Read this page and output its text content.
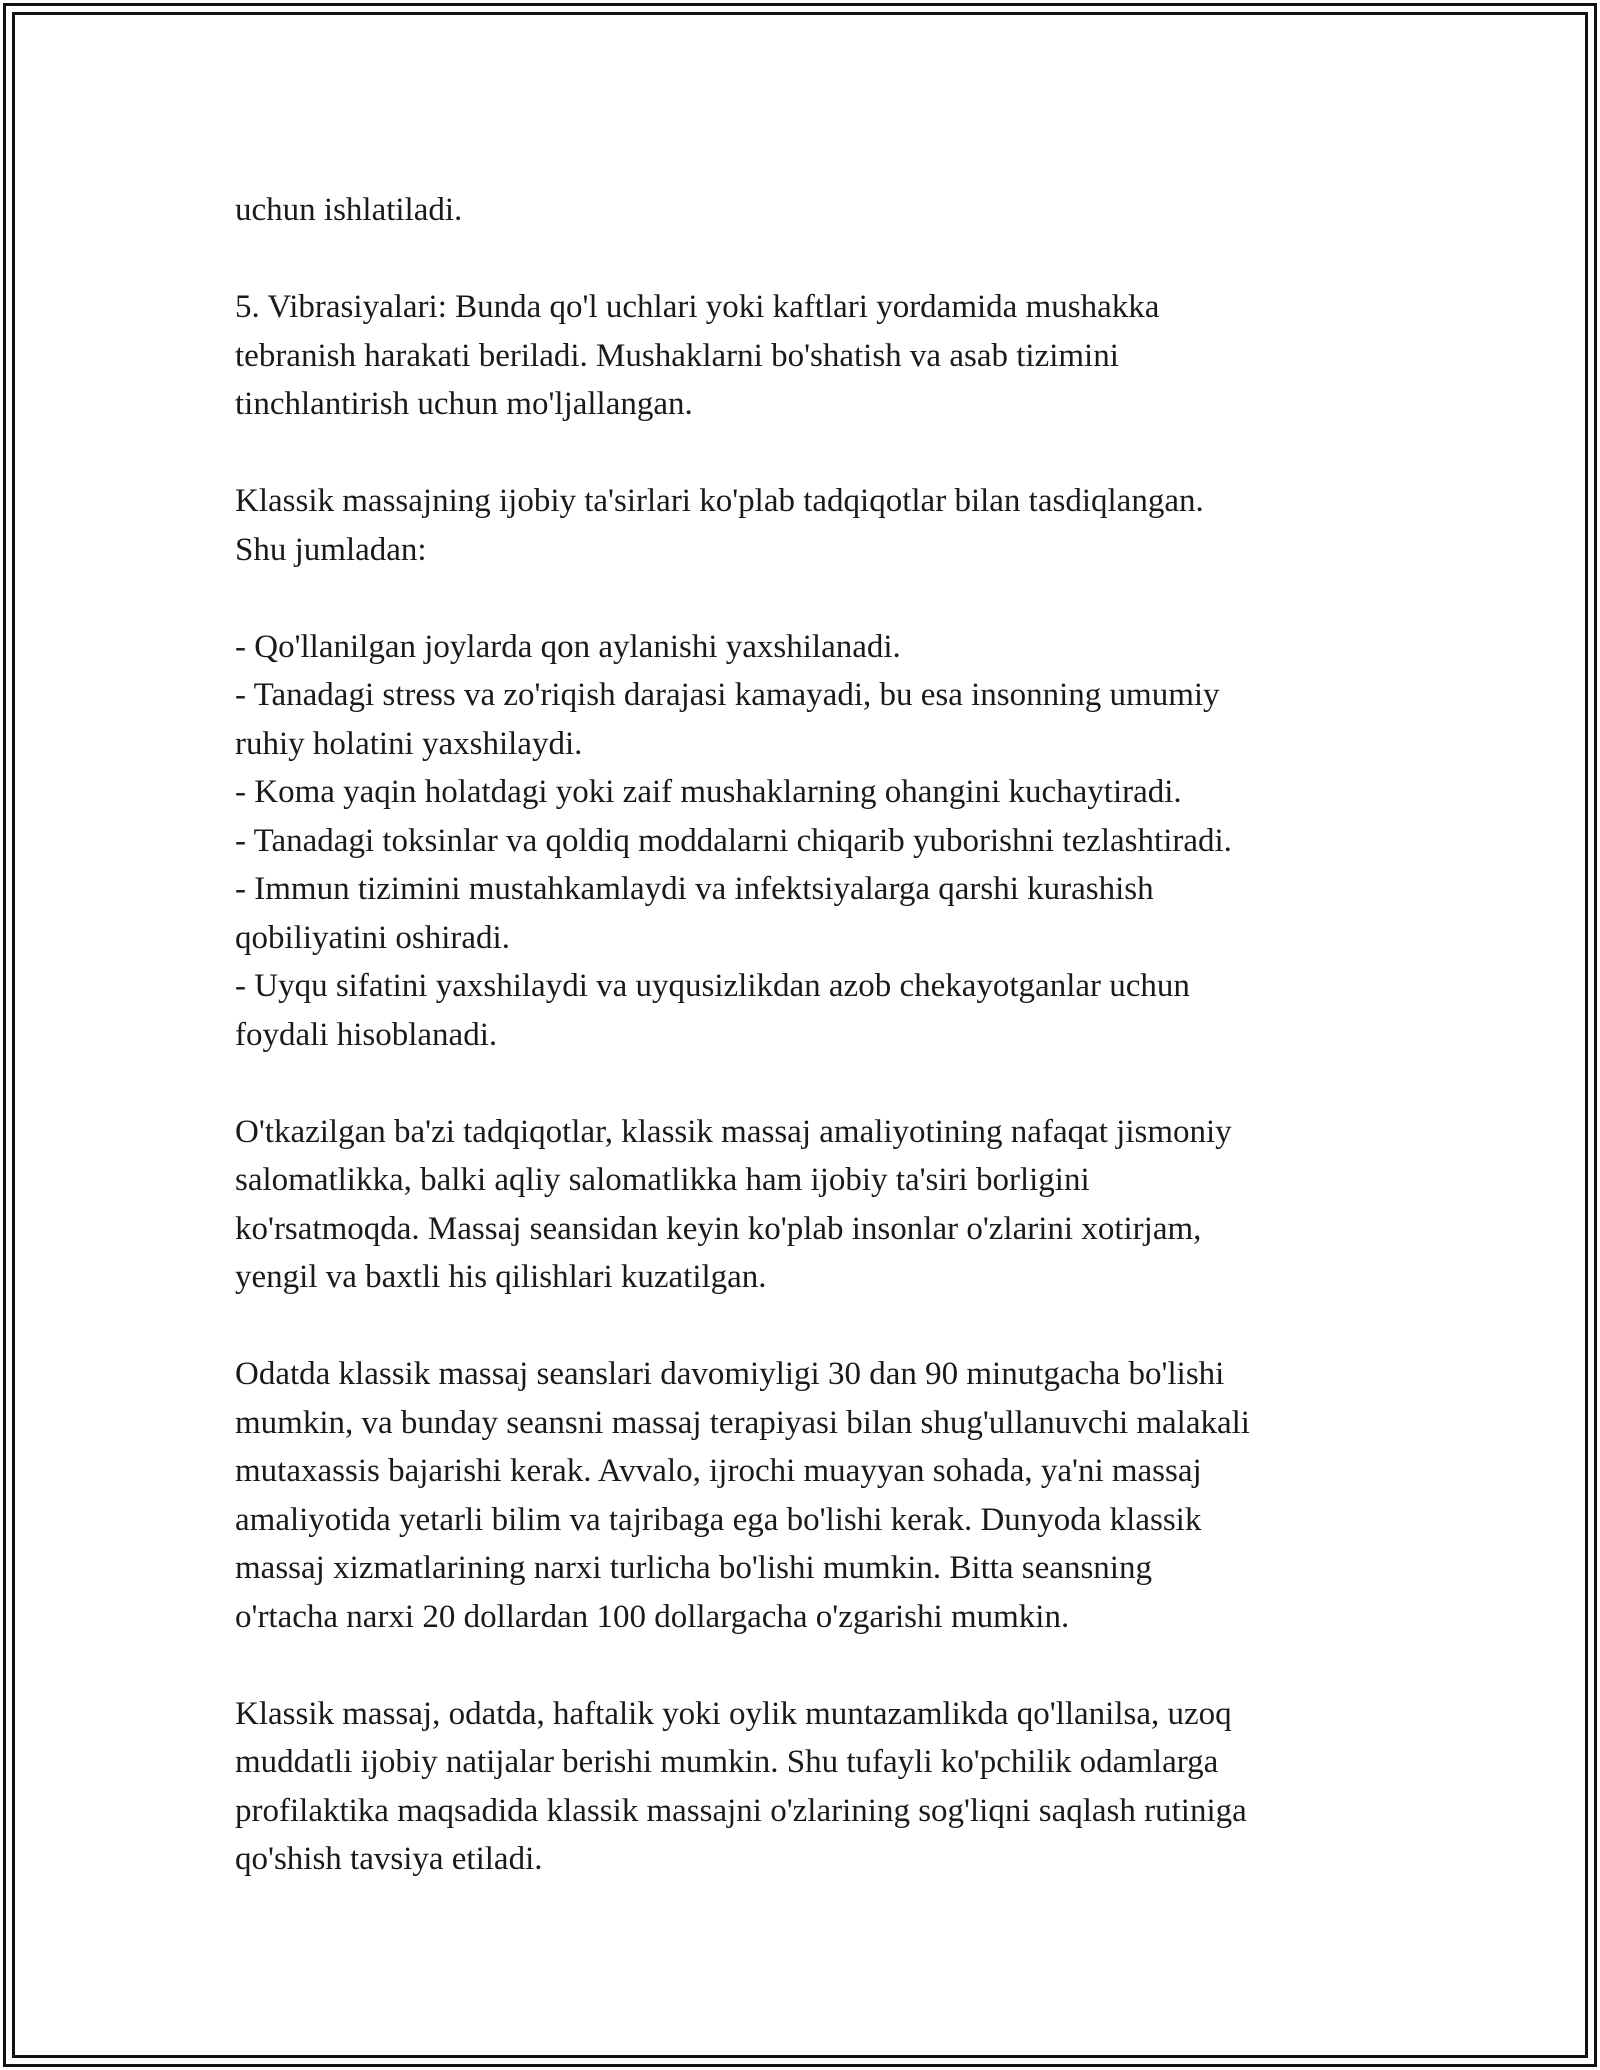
uchun ishlatiladi.

5. Vibrasiyalari: Bunda qo'l uchlari yoki kaftlari yordamida mushakka
tebranish harakati beriladi. Mushaklarni bo'shatish va asab tizimini
tinchlantirish uchun mo'ljallangan.

Klassik massajning ijobiy ta'sirlari ko'plab tadqiqotlar bilan tasdiqlangan.
Shu jumladan:

- Qo'llanilgan joylarda qon aylanishi yaxshilanadi.
- Tanadagi stress va zo'riqish darajasi kamayadi, bu esa insonning umumiy
ruhiy holatini yaxshilaydi.
- Koma yaqin holatdagi yoki zaif mushaklarning ohangini kuchaytiradi.
- Tanadagi toksinlar va qoldiq moddalarni chiqarib yuborishni tezlashtiradi.
- Immun tizimini mustahkamlaydi va infektsiyalarga qarshi kurashish
qobiliyatini oshiradi.
- Uyqu sifatini yaxshilaydi va uyqusizlikdan azob chekayotganlar uchun
foydali hisoblanadi.

O'tkazilgan ba'zi tadqiqotlar, klassik massaj amaliyotining nafaqat jismoniy
salomatlikka, balki aqliy salomatlikka ham ijobiy ta'siri borligini
ko'rsatmoqda. Massaj seansidan keyin ko'plab insonlar o'zlarini xotirjam,
yengil va baxtli his qilishlari kuzatilgan.

Odatda klassik massaj seanslari davomiyligi 30 dan 90 minutgacha bo'lishi
mumkin, va bunday seansni massaj terapiyasi bilan shug'ullanuvchi malakali
mutaxassis bajarishi kerak. Avvalo, ijrochi muayyan sohada, ya'ni massaj
amaliyotida yetarli bilim va tajribaga ega bo'lishi kerak. Dunyoda klassik
massaj xizmatlarining narxi turlicha bo'lishi mumkin. Bitta seansning
o'rtacha narxi 20 dollardan 100 dollargacha o'zgarishi mumkin.

Klassik massaj, odatda, haftalik yoki oylik muntazamlikda qo'llanilsa, uzoq
muddatli ijobiy natijalar berishi mumkin. Shu tufayli ko'pchilik odamlarga
profilaktika maqsadida klassik massajni o'zlarining sog'liqni saqlash rutiniga
qo'shish tavsiya etiladi.
